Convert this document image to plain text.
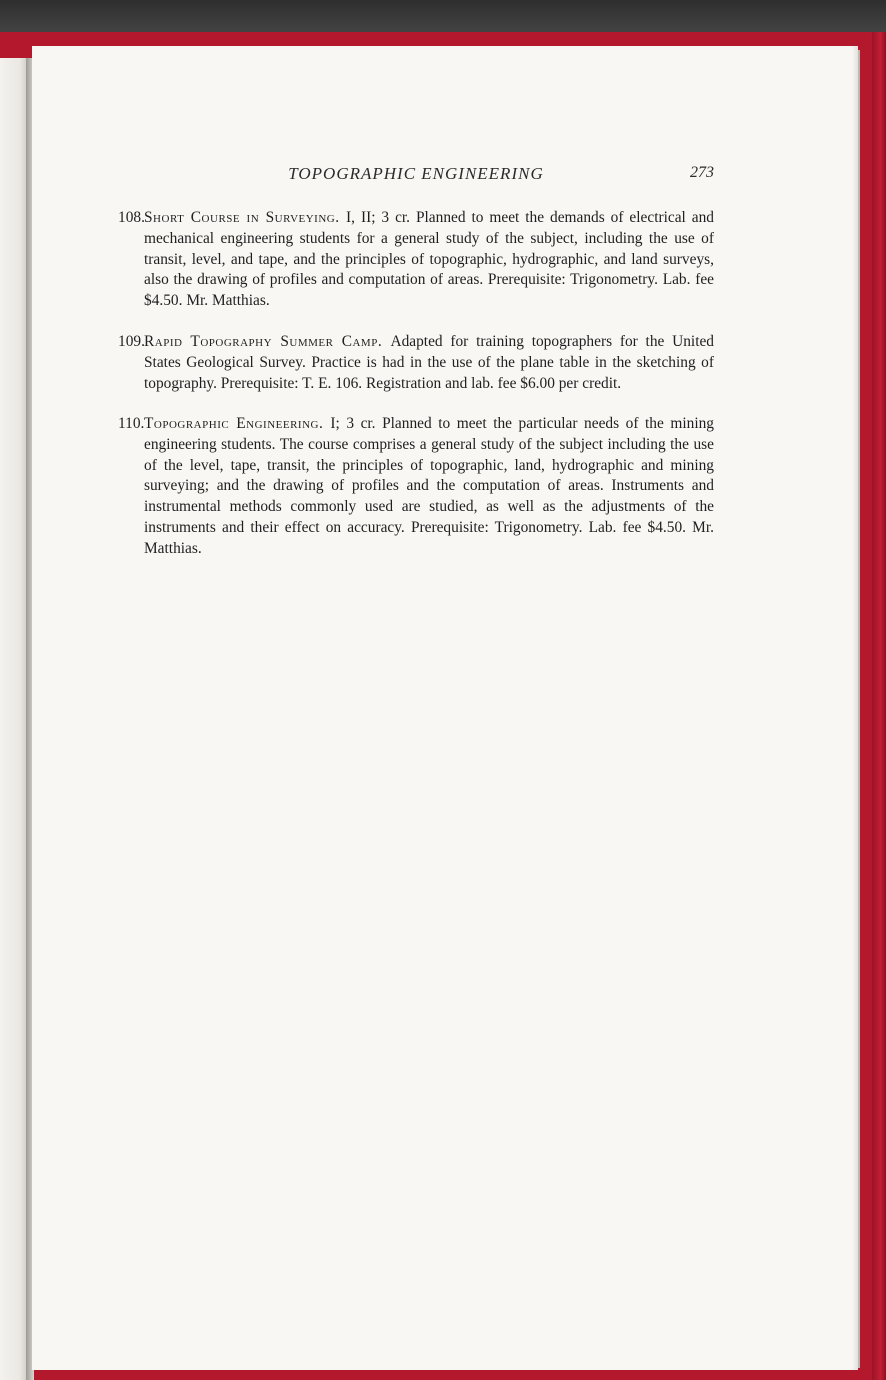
TOPOGRAPHIC ENGINEERING	273
108. Short Course in Surveying. I, II; 3 cr. Planned to meet the demands of electrical and mechanical engineering students for a general study of the subject, including the use of transit, level, and tape, and the principles of topographic, hydrographic, and land surveys, also the drawing of profiles and computation of areas. Prerequisite: Trigonometry. Lab. fee $4.50. Mr. Matthias.
109. Rapid Topography Summer Camp. Adapted for training topographers for the United States Geological Survey. Practice is had in the use of the plane table in the sketching of topography. Prerequisite: T. E. 106. Registration and lab. fee $6.00 per credit.
110. Topographic Engineering. I; 3 cr. Planned to meet the particular needs of the mining engineering students. The course comprises a general study of the subject including the use of the level, tape, transit, the principles of topographic, land, hydrographic and mining surveying; and the drawing of profiles and the computation of areas. Instruments and instrumental methods commonly used are studied, as well as the adjustments of the instruments and their effect on accuracy. Prerequisite: Trigonometry. Lab. fee $4.50. Mr. Matthias.
